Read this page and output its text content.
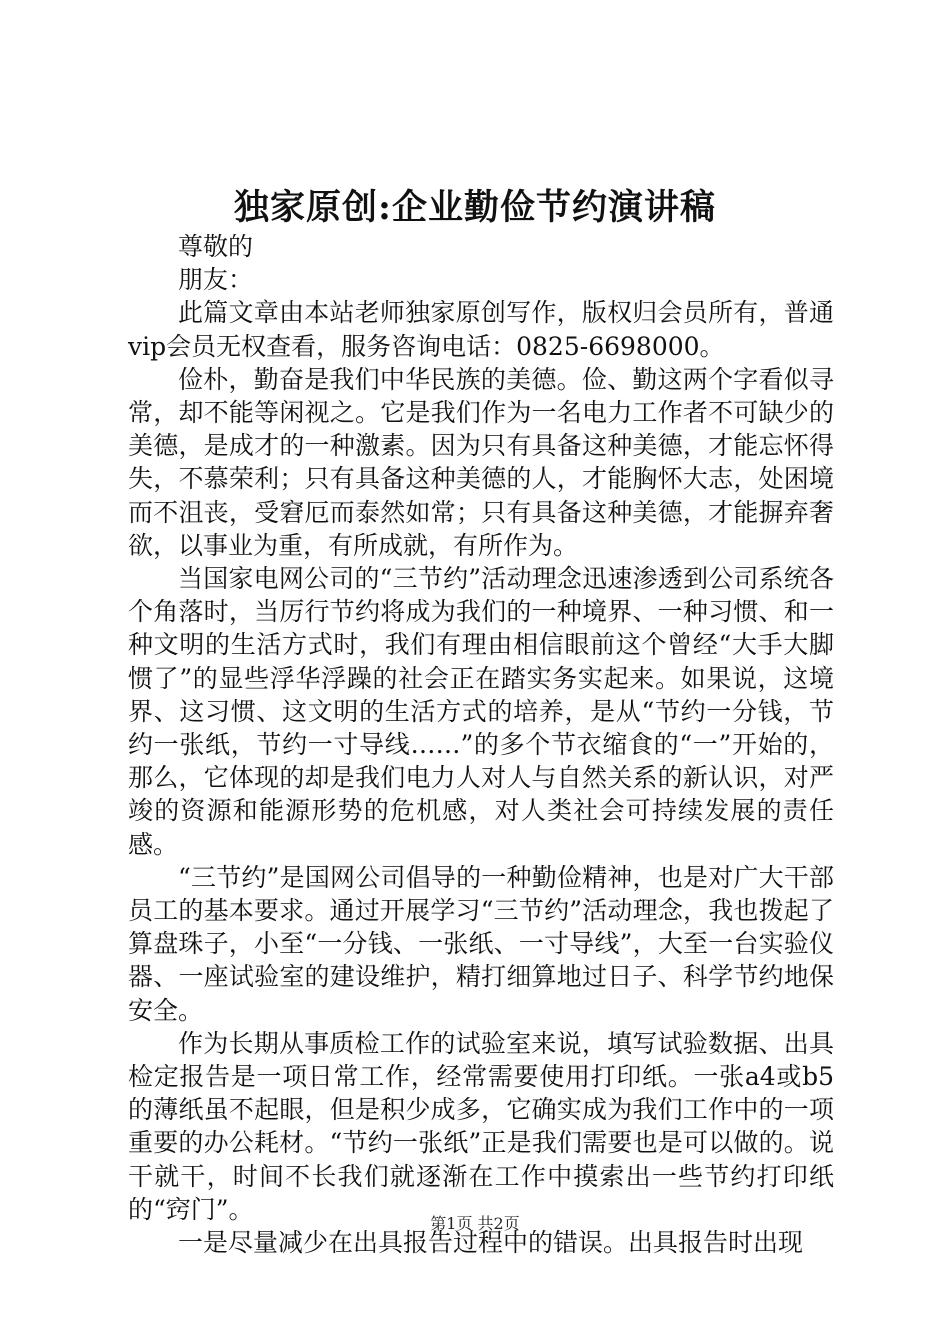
独家原创:企业勤俭节约演讲稿

尊敬的

朋友：

此篇文章由本站老师独家原创写作，版权归会员所有，普通vip会员无权查看，服务咨询电话：0825-6698000。

俭朴，勤奋是我们中华民族的美德。俭、勤这两个字看似寻常，却不能等闲视之。它是我们作为一名电力工作者不可缺少的美德，是成才的一种激素。因为只有具备这种美德，才能忘怀得失，不慕荣利；只有具备这种美德的人，才能胸怀大志，处困境而不沮丧，受窘厄而泰然如常；只有具备这种美德，才能摒弃奢欲，以事业为重，有所成就，有所作为。

当国家电网公司的“三节约”活动理念迅速渗透到公司系统各个角落时，当厉行节约将成为我们的一种境界、一种习惯、和一种文明的生活方式时，我们有理由相信眼前这个曾经“大手大脚惯了”的显些浮华浮躁的社会正在踏实务实起来。如果说，这境界、这习惯、这文明的生活方式的培养，是从“节约一分钱，节约一张纸，节约一寸导线……”的多个节衣缩食的“一”开始的，那么，它体现的却是我们电力人对人与自然关系的新认识，对严竣的资源和能源形势的危机感，对人类社会可持续发展的责任感。

“三节约”是国网公司倡导的一种勤俭精神，也是对广大干部员工的基本要求。通过开展学习“三节约”活动理念，我也拨起了算盘珠子，小至“一分钱、一张纸、一寸导线”，大至一台实验仪器、一座试验室的建设维护，精打细算地过日子、科学节约地保安全。

作为长期从事质检工作的试验室来说，填写试验数据、出具检定报告是一项日常工作，经常需要使用打印纸。一张a4或b5的薄纸虽不起眼，但是积少成多，它确实成为我们工作中的一项重要的办公耗材。“节约一张纸”正是我们需要也是可以做的。说干就干，时间不长我们就逐渐在工作中摸索出一些节约打印纸的“窍门”。

一是尽量减少在出具报告过程中的错误。出具报告时出现

第1页 共2页
